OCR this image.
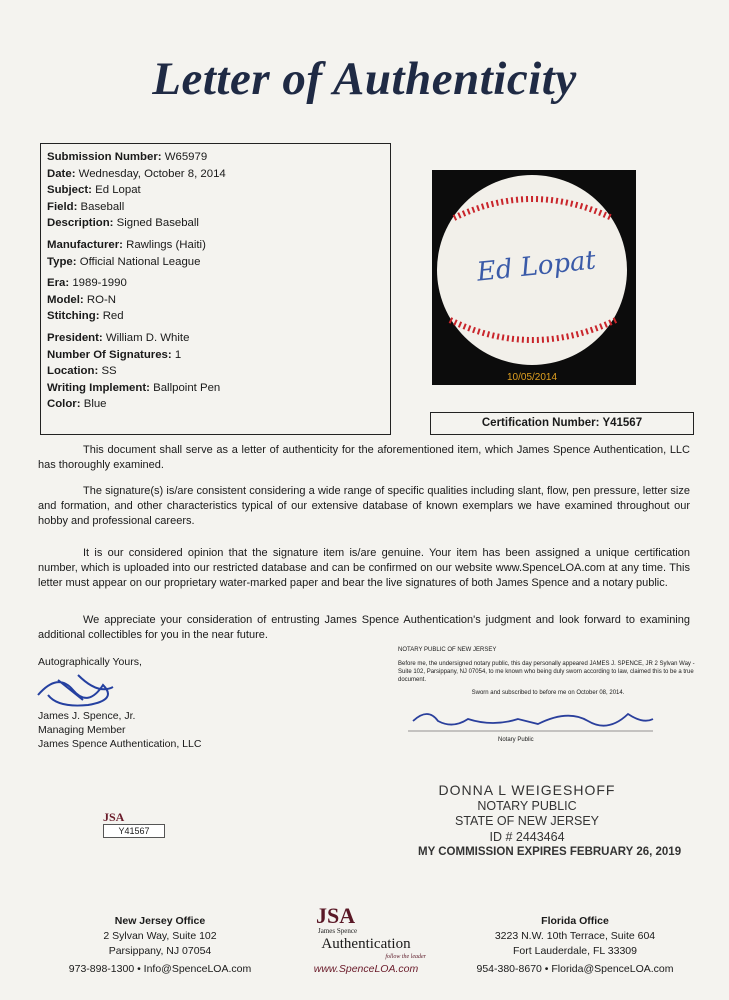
Letter of Authenticity
Submission Number: W65979
Date: Wednesday, October 8, 2014
Subject: Ed Lopat
Field: Baseball
Description: Signed Baseball
Manufacturer: Rawlings (Haiti)
Type: Official National League
Era: 1989-1990
Model: RO-N
Stitching: Red
President: William D. White
Number Of Signatures: 1
Location: SS
Writing Implement: Ballpoint Pen
Color: Blue
Ed Lopat
10/05/2014
Certification Number: Y41567
This document shall serve as a letter of authenticity for the aforementioned item, which James Spence Authentication, LLC has thoroughly examined.
The signature(s) is/are consistent considering a wide range of specific qualities including slant, flow, pen pressure, letter size and formation, and other characteristics typical of our extensive database of known exemplars we have examined throughout our hobby and professional careers.
It is our considered opinion that the signature item is/are genuine. Your item has been assigned a unique certification number, which is uploaded into our restricted database and can be confirmed on our website www.SpenceLOA.com at any time. This letter must appear on our proprietary water-marked paper and bear the live signatures of both James Spence and a notary public.
We appreciate your consideration of entrusting James Spence Authentication's judgment and look forward to examining additional collectibles for you in the near future.
Autographically Yours,
James J. Spence, Jr.
Managing Member
James Spence Authentication, LLC
NOTARY PUBLIC OF NEW JERSEY
Before me, the undersigned notary public, this day personally appeared JAMES J. SPENCE, JR 2 Sylvan Way - Suite 102, Parsippany, NJ 07054, to me known who being duly sworn according to law, claimed this to be a true document.
Sworn and subscribed to before me on October 08, 2014.
Notary Public
DONNA L WEIGESHOFF
NOTARY PUBLIC
STATE OF NEW JERSEY
ID # 2443464
MY COMMISSION EXPIRES FEBRUARY 26, 2019
JSA
Y41567
New Jersey Office
2 Sylvan Way, Suite 102
Parsippany, NJ 07054
973-898-1300 • Info@SpenceLOA.com
JSA
James Spence
Authentication
follow the leader
www.SpenceLOA.com
Florida Office
3223 N.W. 10th Terrace, Suite 604
Fort Lauderdale, FL 33309
954-380-8670 • Florida@SpenceLOA.com
